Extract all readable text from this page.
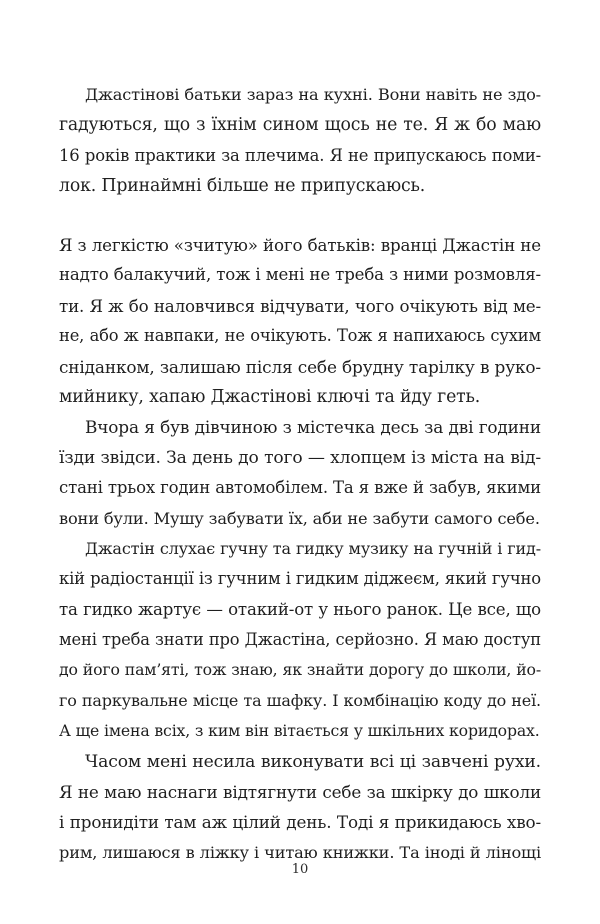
Джастінові батьки зараз на кухні. Вони навіть не здо-
гадуються, що з їхнім сином щось не те. Я ж бо маю
16 років практики за плечима. Я не припускаюсь поми-
лок. Принаймні більше не припускаюсь.
Я з легкістю «зчитую» його батьків: вранці Джастін не
надто балакучий, тож і мені не треба з ними розмовля-
ти. Я ж бо наловчився відчувати, чого очікують від ме-
не, або ж навпаки, не очікують. Тож я напихаюсь сухим
сніданком, залишаю після себе брудну тарілку в руко-
мийнику, хапаю Джастінові ключі та йду геть.
Вчора я був дівчиною з містечка десь за дві години
їзди звідси. За день до того — хлопцем із міста на від-
стані трьох годин автомобілем. Та я вже й забув, якими
вони були. Мушу забувати їх, аби не забути самого себе.
Джастін слухає гучну та гидку музику на гучній і гид-
кій радіостанції із гучним і гидким діджеєм, який гучно
та гидко жартує — отакий-от у нього ранок. Це все, що
мені треба знати про Джастіна, серйозно. Я маю доступ
до його пам’яті, тож знаю, як знайти дорогу до школи, йо-
го паркувальне місце та шафку. І комбінацію коду до неї.
А ще імена всіх, з ким він вітається у шкільних коридорах.
Часом мені несила виконувати всі ці завчені рухи.
Я не маю наснаги відтягнути себе за шкірку до школи
і пронидіти там аж цілий день. Тоді я прикидаюсь хво-
рим, лишаюся в ліжку і читаю книжки. Та іноді й лінощі
10
